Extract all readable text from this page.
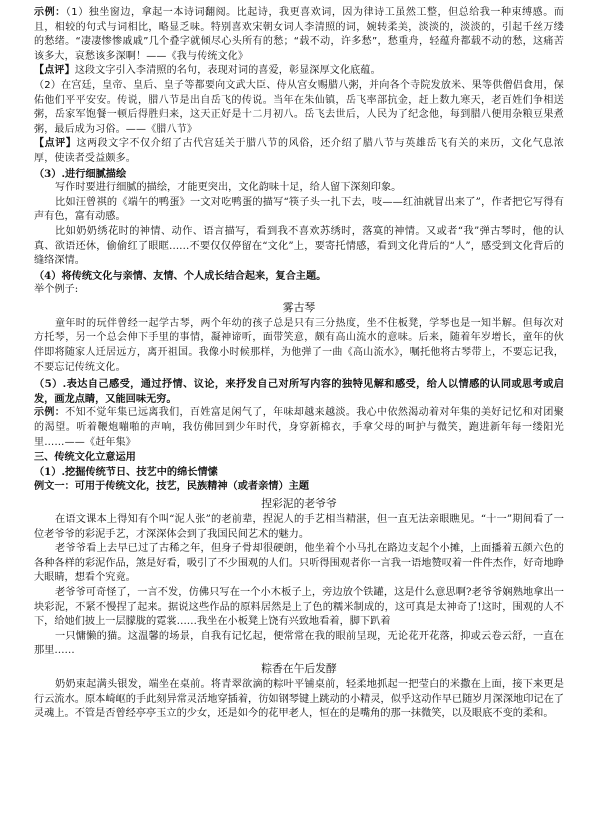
示例：（1）独坐窗边，拿起一本诗词翻阅。比起诗，我更喜欢词，因为律诗工虽然工整，但总给我一种束缚感。而且，相较的句式与词相比，略显乏味。特别喜欢宋朝女词人李清照的词，婉转柔美，淡淡的，淡淡的，引起千丝万缕的愁绪。“凄凄惨惨戚戚”几个叠字就倾尽心头所有的愁；“载不动，许多愁”，愁重舟，轻蕴舟都载不动的愁，这痛苦该多大，哀愁该多深啊！——《我与传统文化》

【点评】这段文字引入李清照的名句，表现对词的喜爱，彰显深厚文化底蕴。

（2）在宫廷，皇帝、皇后、皇子等都要向文武大臣、侍从宫女赐腊八粥，并向各个寺院发放米、果等供僧侣食用，保佑他们平平安安。传说，腊八节是出自岳飞的传说。当年在朱仙镇，岳飞率部抗金，赶上数九寒天，老百姓们争相送粥，岳家军饱餐一顿后得胜归来，这天正好是十二月初八。岳飞去世后，人民为了纪念他，每到腊八便用杂粮豆果煮粥，最后成为习俗。——《腊八节》

【点评】这两段文字不仅介绍了古代宫廷关于腊八节的风俗，还介绍了腊八节与英雄岳飞有关的来历，文化气息浓厚，使读者受益颇多。

（3）.进行细腻描绘

写作时要进行细腻的描绘，才能更突出，文化韵味十足，给人留下深刻印象。

比如汪曾祺的《端午的鸭蛋》一文对吃鸭蛋的描写“筷子头一扎下去，吱——红油就冒出来了”，作者把它写得有声有色，富有动感。

比如奶奶绣花时的神情、动作、语言描写，看到我不喜欢苏绣时，落寞的神情。又或者“我”弹古琴时，他的认真、欲语还休，偷偷红了眼眶……不要仅仅停留在“文化”上，要寄托情感，看到文化背后的“人”，感受到文化背后的缝络深情。

（4）将传统文化与亲情、友情、个人成长结合起来，复合主题。

举个例子:

雾古琴

童年时的玩伴曾经一起学古琴，两个年幼的孩子总是只有三分热度，坐不住板凳，学琴也是一知半解。但每次对方托琴，另一个总会伸下手里的事情，凝神谛听，面带笑意，颇有高山流水的意味。后来，随着年岁增长，童年的伙伴即将随家人迁居远方，离开祖国。我像小时候那样，为他弹了一曲《高山流水》，嘱托他将古琴带上，不要忘记我，不要忘记传统文化。

（5）.表达自己感受，通过抒情、议论，来抒发自己对所写内容的独特见解和感受，给人以情感的认同或思考或启发，画龙点睛，又能回味无穷。

示例：不知不觉年集已远离我们，百姓富足闲气了，年味却越来越淡。我心中依然渴动着对年集的美好记忆和对团聚的渴望。听着鞭炮嘣啪的声响，我仿佛回到少年时代，身穿新棉衣，手拿父母的呵护与微笑，跑进新年每一缕阳光里……——《赶年集》

三、传统文化立意运用

（1）.挖掘传统节日、技艺中的绵长情愫

例文一：可用于传统文化，技艺，民族精神（或者亲情）主题

捏彩泥的老爷爷

在语文课本上得知有个叫“泥人张”的老前辈，捏泥人的手艺相当精湛，但一直无法亲眼瞧见。“十一”期间看了一位老爷爷的彩泥手艺，才深深体会到了我国民间艺术的魅力。

老爷爷看上去早已过了古稀之年，但身子骨却很硬朗，他坐着个小马扎在路边支起个小摊，上面播着五颜六色的各种各样的彩泥作品，煞是好看，吸引了不少围观的人们。只听得围观者你一言我一语地赞叹着一件件杰作，好奇地睁大眼睛，想看个究竟。

老爷爷可奇怪了，一言不发，仿佛只写在一个小木板子上，旁边放个铁罐，这是什么意思啊?老爷爷娴熟地拿出一块彩泥，不紧不慢捏了起来。据说这些作品的原料居然是上了色的糯米制成的，这可真是太神奇了!这时，围观的人不下，给她们披上一层朦胧的霓裳……我坐在小板凳上饶有兴致地看着，脚下趴着

一只慵懒的猫。这温馨的场景，自我有记忆起，便常常在我的眼前呈现，无论花开花落，抑或云卷云舒，一直在那里……

粽香在午后发酵

奶奶束起满头银发，端坐在桌前。将青翠欲滴的粽叶平铺桌前，轻柔地抓起一把莹白的米撒在上面，接下来更是行云流水。原本崎岖的手此刻异常灵活地穿插着，彷如钢琴键上跳动的小精灵，似乎这动作早已随岁月深深地印记在了灵魂上。不管是否曾经亭亭玉立的少女，还是如今的花甲老人，恒在的是嘴角的那一抹微笑，以及眼底不变的柔和。
